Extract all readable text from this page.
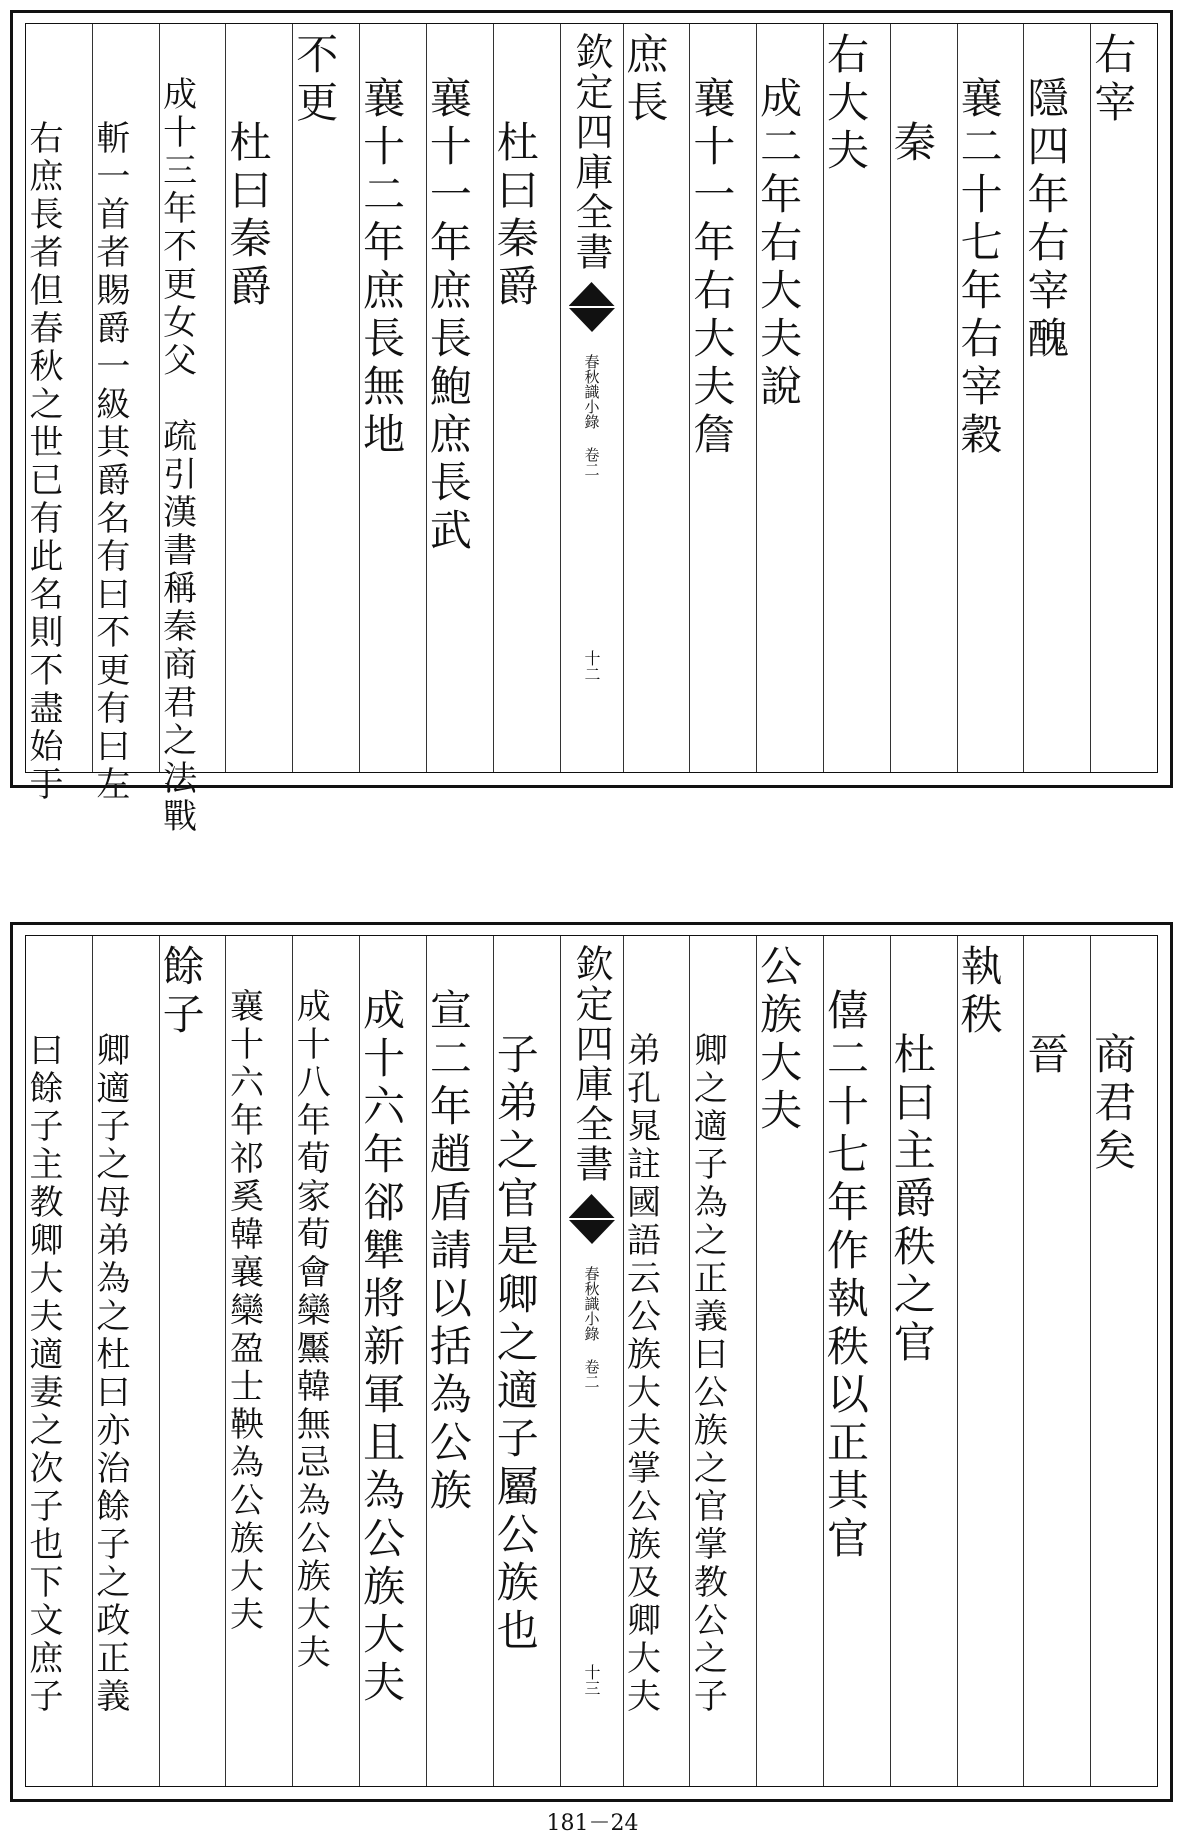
右宰
隱四年右宰醜
襄二十七年右宰穀
秦
右大夫
成二年右大夫說
襄十一年右大夫詹
庶長
欽定四庫全書
春秋識小錄 卷二
十二
杜曰秦爵
襄十一年庶長鮑庶長武
襄十二年庶長無地
不更
杜曰秦爵
成十三年不更女父　疏引漢書稱秦商君之法戰
斬一首者賜爵一級其爵名有曰不更有曰左
右庶長者但春秋之世已有此名則不盡始于
商君矣
晉
執秩
杜曰主爵秩之官
僖二十七年作執秩以正其官
公族大夫
卿之適子為之正義曰公族之官掌教公之子
弟孔晁註國語云公族大夫掌公族及卿大夫
欽定四庫全書
春秋識小錄 卷二
十三
子弟之官是卿之適子屬公族也
宣二年趙盾請以括為公族
成十六年郤犨將新軍且為公族大夫
成十八年荀家荀會欒黶韓無忌為公族大夫
襄十六年祁奚韓襄欒盈士鞅為公族大夫
餘子
卿適子之母弟為之杜曰亦治餘子之政正義
曰餘子主教卿大夫適妻之次子也下文庶子
181－24
